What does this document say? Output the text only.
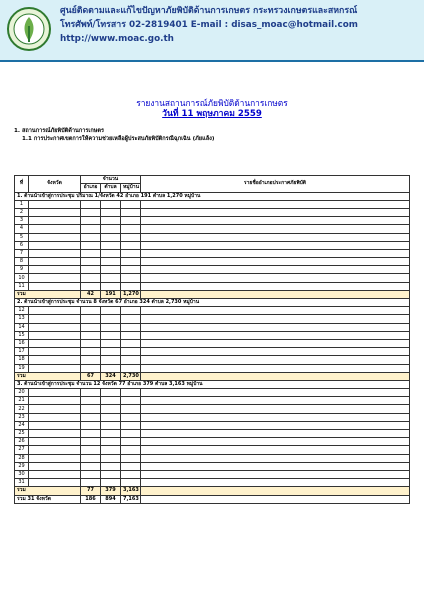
ศูนย์ติดตามและแก้ไขปัญหาภัยพิบัติด้านการเกษตร กระทรวงเกษตรและสหกรณ์
โทรศัพท์/โทรสาร 02-2819401 E-mail : disas_moac@hotmail.com
http://www.moac.go.th
รายงานสถานการณ์ภัยพิบัติด้านการเกษตร
วันที่ 11 พฤษภาคม 2559
1. สถานการณ์ภัยพิบัติด้านการเกษตร
1.1 การประกาศเขตการให้ความช่วยเหลือผู้ประสบภัยพิบัติกรณีฉุกเฉิน (ภัยแล้ง)
ที่	จังหวัด	จำนวน			รายชื่ออำเภอประกาศภัยพิบัติ
		อำเภอ	ตำบล	หมู่บ้าน	
1. ด้านนำเข้าสู่การประชุม ปริมาณ 1/จังหวัด 42 อำเภอ 191 ตำบล 1,270 หมู่บ้าน					
1					
2					
3					
4					
5					
6					
7					
8					
9					
10					
11					
รวม		42	191	1,270	
2. ด้านนำเข้าสู่การประชุม จำนวน 8 จังหวัด 67 อำเภอ 324 ตำบล 2,730 หมู่บ้าน					
12					
13					
14					
15					
16					
17					
18					
19					
รวม		67	324	2,730	
3. ด้านนำเข้าสู่การประชุม จำนวน 12 จังหวัด 77 อำเภอ 379 ตำบล 3,163 หมู่บ้าน					
20					
21					
22					
23					
24					
25					
26					
27					
28					
29					
30					
31					
รวม		77	379	3,163	
รวม 31 จังหวัด		186	894	7,163	
